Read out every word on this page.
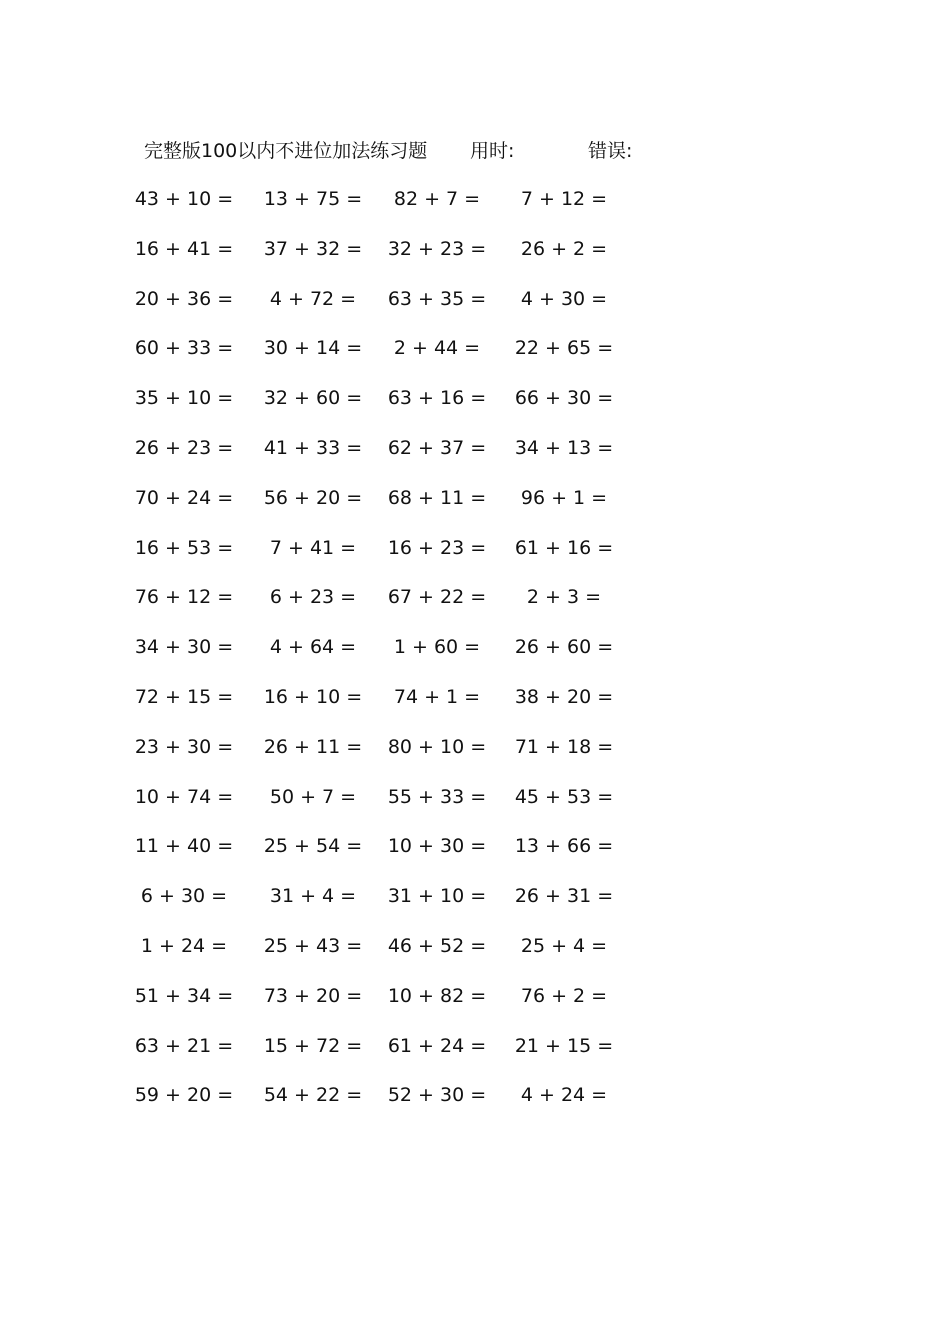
完整版100以内不进位加法练习题 用时:	错误:
43 + 10 =	13 + 75 =	82 + 7 =	7 + 12 =
16 + 41 =	37 + 32 =	32 + 23 =	26 + 2 =
20 + 36 =	4 + 72 =	63 + 35 =	4 + 30 =
60 + 33 =	30 + 14 =	2 + 44 =	22 + 65 =
35 + 10 =	32 + 60 =	63 + 16 =	66 + 30 =
26 + 23 =	41 + 33 =	62 + 37 =	34 + 13 =
70 + 24 =	56 + 20 =	68 + 11 =	96 + 1 =
16 + 53 =	7 + 41 =	16 + 23 =	61 + 16 =
76 + 12 =	6 + 23 =	67 + 22 =	2 + 3 =
34 + 30 =	4 + 64 =	1 + 60 =	26 + 60 =
72 + 15 =	16 + 10 =	74 + 1 =	38 + 20 =
23 + 30 =	26 + 11 =	80 + 10 =	71 + 18 =
10 + 74 =	50 + 7 =	55 + 33 =	45 + 53 =
11 + 40 =	25 + 54 =	10 + 30 =	13 + 66 =
6 + 30 =	31 + 4 =	31 + 10 =	26 + 31 =
1 + 24 =	25 + 43 =	46 + 52 =	25 + 4 =
51 + 34 =	73 + 20 =	10 + 82 =	76 + 2 =
63 + 21 =	15 + 72 =	61 + 24 =	21 + 15 =
59 + 20 =	54 + 22 =	52 + 30 =	4 + 24 =
